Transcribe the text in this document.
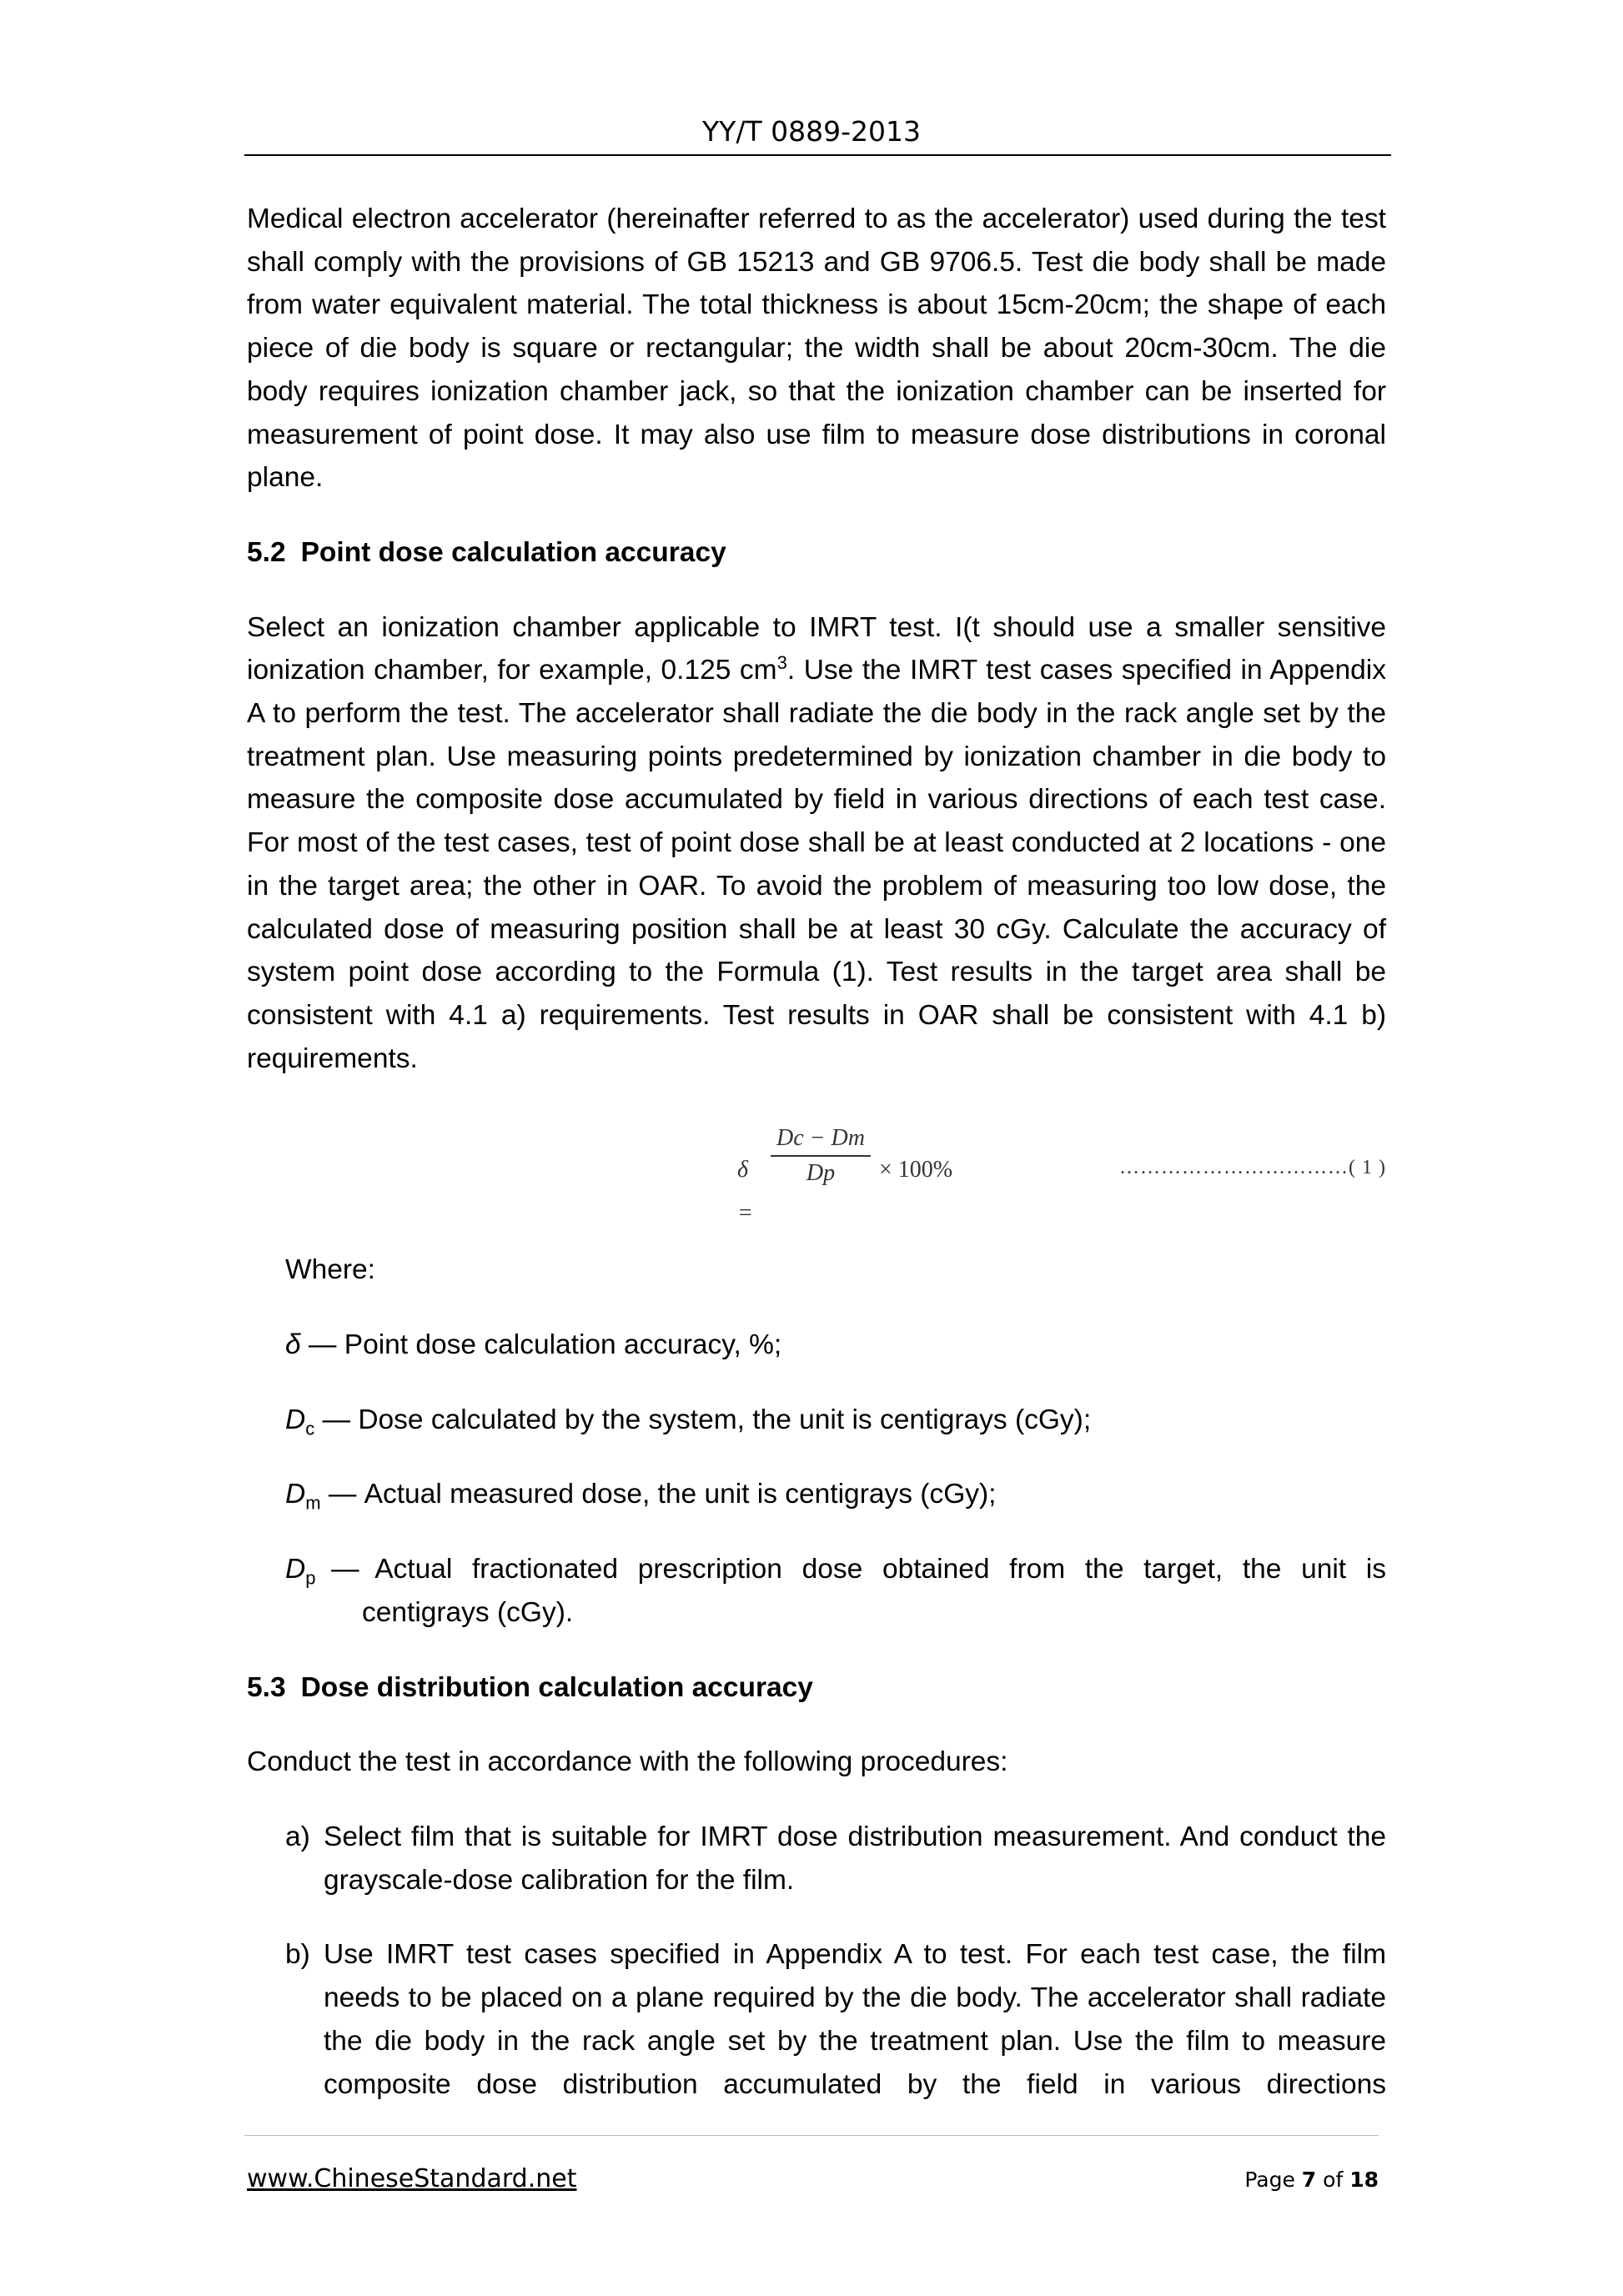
YY/T 0889-2013

Medical electron accelerator (hereinafter referred to as the accelerator) used during the test shall comply with the provisions of GB 15213 and GB 9706.5. Test die body shall be made from water equivalent material. The total thickness is about 15cm-20cm; the shape of each piece of die body is square or rectangular; the width shall be about 20cm-30cm. The die body requires ionization chamber jack, so that the ionization chamber can be inserted for measurement of point dose. It may also use film to measure dose distributions in coronal plane.

5.2 Point dose calculation accuracy

Select an ionization chamber applicable to IMRT test. I(t should use a smaller sensitive ionization chamber, for example, 0.125 $cm^3$. Use the IMRT test cases specified in Appendix A to perform the test. The accelerator shall radiate the die body in the rack angle set by the treatment plan. Use measuring points predetermined by ionization chamber in die body to measure the composite dose accumulated by field in various directions of each test case. For most of the test cases, test of point dose shall be at least conducted at 2 locations - one in the target area; the other in OAR. To avoid the problem of measuring too low dose, the calculated dose of measuring position shall be at least 30 cGy. Calculate the accuracy of system point dose according to the Formula (1). Test results in the target area shall be consistent with 4.1 a) requirements. Test results in OAR shall be consistent with 4.1 b) requirements.

δ =
Dc − Dm
Dp	× 100%	……………………………( 1 )

Where:

δ — Point dose calculation accuracy, %;
$D_c$ — Dose calculated by the system, the unit is centigrays (cGy);
$D_m$ — Actual measured dose, the unit is centigrays (cGy);
$D_p$  — Actual fractionated prescription dose obtained from the target, the unit is

centigrays (cGy).

5.3 Dose distribution calculation accuracy

Conduct the test in accordance with the following procedures:

a) Select film that is suitable for IMRT dose distribution measurement. And conduct the grayscale-dose calibration for the film.
b) Use IMRT test cases specified in Appendix A to test. For each test case, the film needs to be placed on a plane required by the die body. The accelerator shall radiate the die body in the rack angle set by the treatment plan. Use the film to measure composite dose distribution accumulated by the field in various directions
www.ChineseStandard.net	Page 7 of 18
